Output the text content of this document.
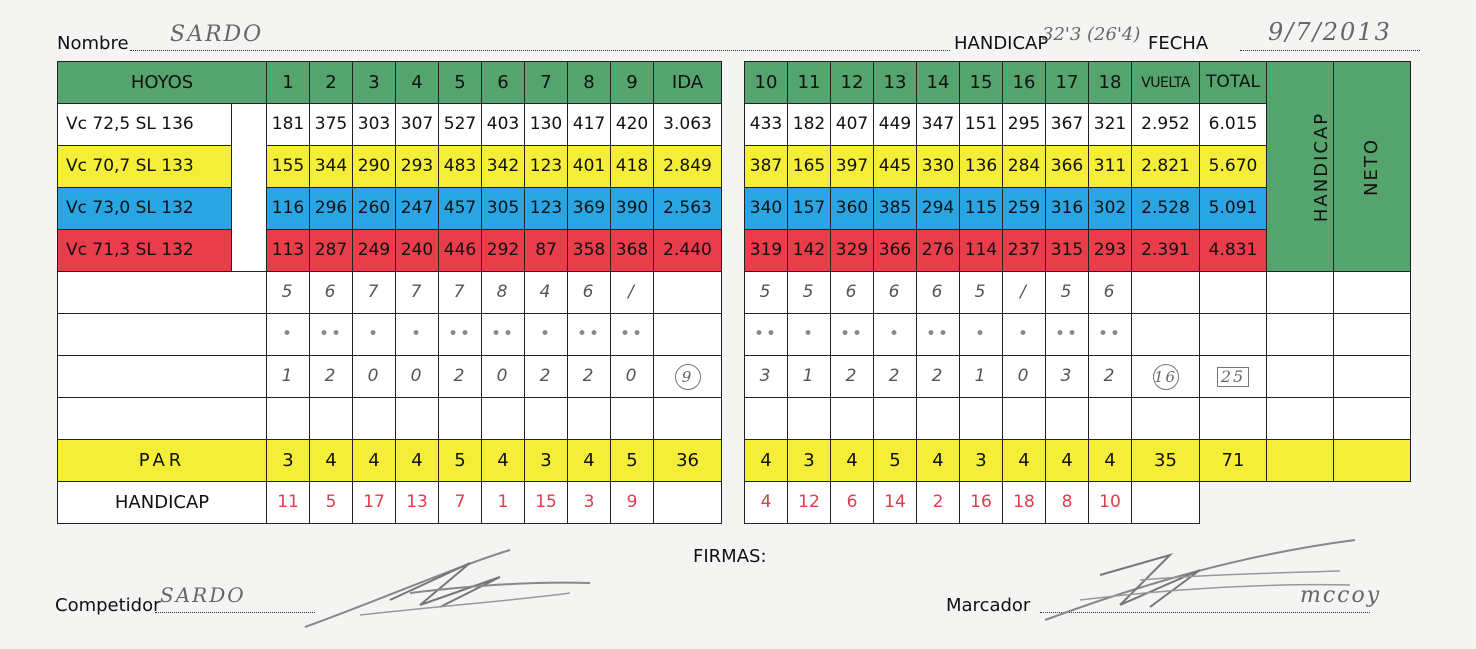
Nombre SARDO	HANDICAP
32'3 (26'4) FECHA 9/7/2013
HOYOS		1	2	3	4	5	6	7	8	9	IDA
Vc 72,5 SL 136		181	375	303	307	527	403	130	417	420	3.063
Vc 70,7 SL 133		155	344	290	293	483	342	123	401	418	2.849
Vc 73,0 SL 132		116	296	260	247	457	305	123	369	390	2.563
Vc 71,3 SL 132		113	287	249	240	446	292	87	358	368	2.440
		5	6	7	7	7	8	4	6	/	
		•	••	•	•	••	••	•	••	••	
		1	2	0	0	2	0	2	2	0	9

PAR		3	4	4	4	5	4	3	4	5	36
HANDICAP		11	5	17	13	7	1	15	3	9	
10	11	12	13	14	15	16	17	18	VUELTA	TOTAL	HANDICAP	NETO
433	182	407	449	347	151	295	367	321	2.952	6.015		
387	165	397	445	330	136	284	366	311	2.821	5.670		
340	157	360	385	294	115	259	316	302	2.528	5.091		
319	142	329	366	276	114	237	315	293	2.391	4.831		
5	5	6	6	6	5	/	5	6				
••	•	••	•	••	•	•	••	••				
3	1	2	2	2	1	0	3	2	16	25		

4	3	4	5	4	3	4	4	4	35	71		
4	12	6	14	2	16	18	8	10				
FIRMAS:
Competidor SARDO	Marcador	mccoy
